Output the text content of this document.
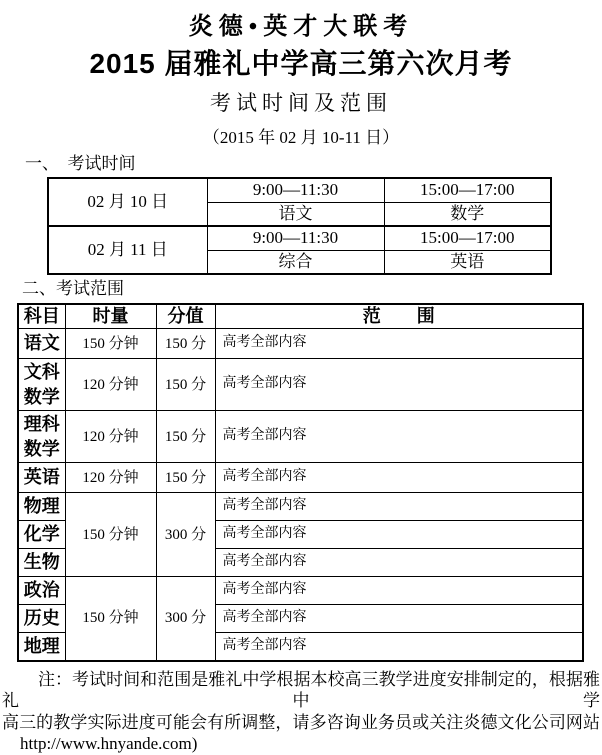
炎德•英才大联考
2015 届雅礼中学高三第六次月考
考试时间及范围
（2015 年 02 月 10-11 日）
一、　考试时间
02 月 10 日	9:00—11:30	15:00—17:00
	语文	数学
02 月 11 日	9:00—11:30	15:00—17:00
	综合	英语
二、考试范围
科目	时量	分值	范　　围
语文	150 分钟	150 分	高考全部内容
文科数学	120 分钟	150 分	高考全部内容
理科数学	120 分钟	150 分	高考全部内容
英语	120 分钟	150 分	高考全部内容
物理	150 分钟	300 分	高考全部内容
化学			高考全部内容
生物			高考全部内容
政治	150 分钟	300 分	高考全部内容
历史			高考全部内容
地理			高考全部内容
注：考试时间和范围是雅礼中学根据本校高三教学进度安排制定的，根据雅礼中学
高三的教学实际进度可能会有所调整，请多咨询业务员或关注炎德文化公司网站
http://www.hnyande.com)
